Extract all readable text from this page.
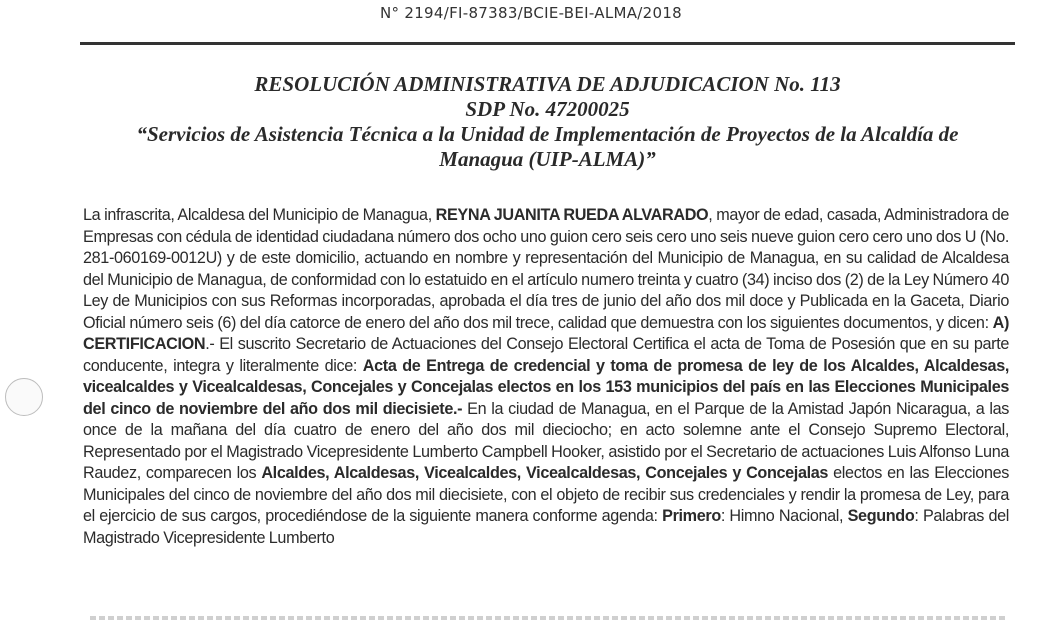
N° 2194/FI-87383/BCIE-BEI-ALMA/2018
RESOLUCIÓN ADMINISTRATIVA DE ADJUDICACION No. 113
SDP No. 47200025
“Servicios de Asistencia Técnica a la Unidad de Implementación de Proyectos de la Alcaldía de
Managua (UIP-ALMA)”
La infrascrita, Alcaldesa del Municipio de Managua, REYNA JUANITA RUEDA ALVARADO, mayor de edad, casada, Administradora de Empresas con cédula de identidad ciudadana número dos ocho uno guion cero seis cero uno seis nueve guion cero cero uno dos U (No. 281-060169-0012U) y de este domicilio, actuando en nombre y representación del Municipio de Managua, en su calidad de Alcaldesa del Municipio de Managua, de conformidad con lo estatuido en el artículo numero treinta y cuatro (34) inciso dos (2) de la Ley Número 40 Ley de Municipios con sus Reformas incorporadas, aprobada el día tres de junio del año dos mil doce y Publicada en la Gaceta, Diario Oficial número seis (6) del día catorce de enero del año dos mil trece, calidad que demuestra con los siguientes documentos, y dicen: A) CERTIFICACION.- El suscrito Secretario de Actuaciones del Consejo Electoral Certifica el acta de Toma de Posesión que en su parte conducente, integra y literalmente dice: Acta de Entrega de credencial y toma de promesa de ley de los Alcaldes, Alcaldesas, vicealcaldes y Vicealcaldesas, Concejales y Concejalas electos en los 153 municipios del país en las Elecciones Municipales del cinco de noviembre del año dos mil diecisiete.- En la ciudad de Managua, en el Parque de la Amistad Japón Nicaragua, a las once de la mañana del día cuatro de enero del año dos mil dieciocho; en acto solemne ante el Consejo Supremo Electoral, Representado por el Magistrado Vicepresidente Lumberto Campbell Hooker, asistido por el Secretario de actuaciones Luis Alfonso Luna Raudez, comparecen los Alcaldes, Alcaldesas, Vicealcaldes, Vicealcaldesas, Concejales y Concejalas electos en las Elecciones Municipales del cinco de noviembre del año dos mil diecisiete, con el objeto de recibir sus credenciales y rendir la promesa de Ley, para el ejercicio de sus cargos, procediéndose de la siguiente manera conforme agenda: Primero: Himno Nacional, Segundo: Palabras del Magistrado Vicepresidente Lumberto
